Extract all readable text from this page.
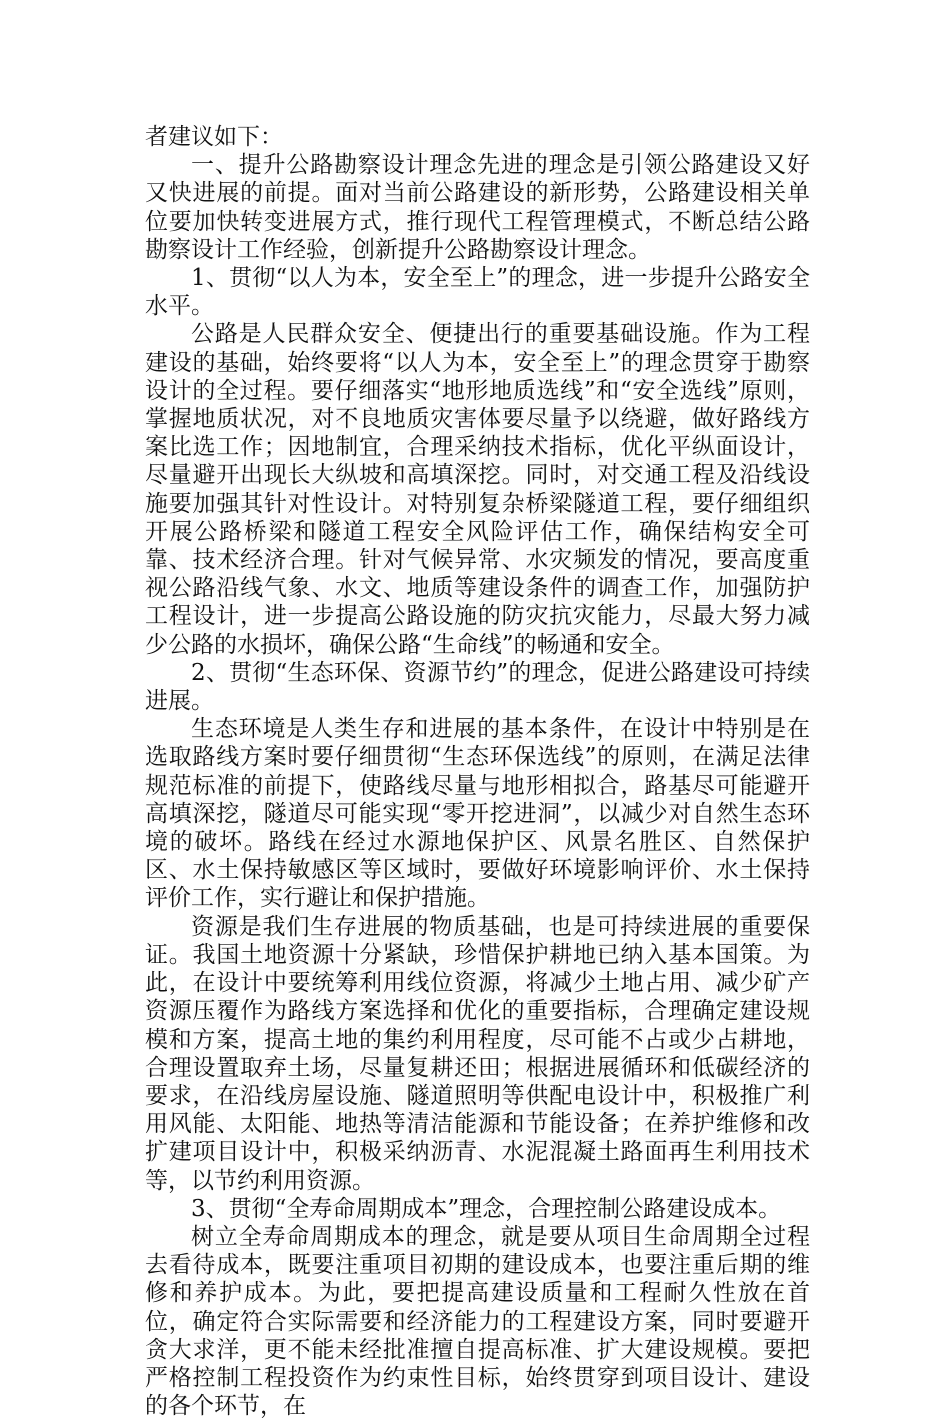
者建议如下：

一、提升公路勘察设计理念先进的理念是引领公路建设又好又快进展的前提。面对当前公路建设的新形势，公路建设相关单位要加快转变进展方式，推行现代工程管理模式，不断总结公路勘察设计工作经验，创新提升公路勘察设计理念。

1、贯彻“以人为本，安全至上”的理念，进一步提升公路安全水平。

公路是人民群众安全、便捷出行的重要基础设施。作为工程建设的基础，始终要将“以人为本，安全至上”的理念贯穿于勘察设计的全过程。要仔细落实“地形地质选线”和“安全选线”原则，掌握地质状况，对不良地质灾害体要尽量予以绕避，做好路线方案比选工作；因地制宜，合理采纳技术指标，优化平纵面设计，尽量避开出现长大纵坡和高填深挖。同时，对交通工程及沿线设施要加强其针对性设计。对特别复杂桥梁隧道工程，要仔细组织开展公路桥梁和隧道工程安全风险评估工作，确保结构安全可靠、技术经济合理。针对气候异常、水灾频发的情况，要高度重视公路沿线气象、水文、地质等建设条件的调查工作，加强防护工程设计，进一步提高公路设施的防灾抗灾能力，尽最大努力减少公路的水损坏，确保公路“生命线”的畅通和安全。

2、贯彻“生态环保、资源节约”的理念，促进公路建设可持续进展。

生态环境是人类生存和进展的基本条件，在设计中特别是在选取路线方案时要仔细贯彻“生态环保选线”的原则，在满足法律规范标准的前提下，使路线尽量与地形相拟合，路基尽可能避开高填深挖，隧道尽可能实现“零开挖进洞”，以减少对自然生态环境的破坏。路线在经过水源地保护区、风景名胜区、自然保护区、水土保持敏感区等区域时，要做好环境影响评价、水土保持评价工作，实行避让和保护措施。

资源是我们生存进展的物质基础，也是可持续进展的重要保证。我国土地资源十分紧缺，珍惜保护耕地已纳入基本国策。为此，在设计中要统筹利用线位资源，将减少土地占用、减少矿产资源压覆作为路线方案选择和优化的重要指标，合理确定建设规模和方案，提高土地的集约利用程度，尽可能不占或少占耕地，合理设置取弃土场，尽量复耕还田；根据进展循环和低碳经济的要求，在沿线房屋设施、隧道照明等供配电设计中，积极推广利用风能、太阳能、地热等清洁能源和节能设备；在养护维修和改扩建项目设计中，积极采纳沥青、水泥混凝土路面再生利用技术等，以节约利用资源。

3、贯彻“全寿命周期成本”理念，合理控制公路建设成本。

树立全寿命周期成本的理念，就是要从项目生命周期全过程去看待成本，既要注重项目初期的建设成本，也要注重后期的维修和养护成本。为此，要把提高建设质量和工程耐久性放在首位，确定符合实际需要和经济能力的工程建设方案，同时要避开贪大求洋，更不能未经批准擅自提高标准、扩大建设规模。要把严格控制工程投资作为约束性目标，始终贯穿到项目设计、建设的各个环节，在
